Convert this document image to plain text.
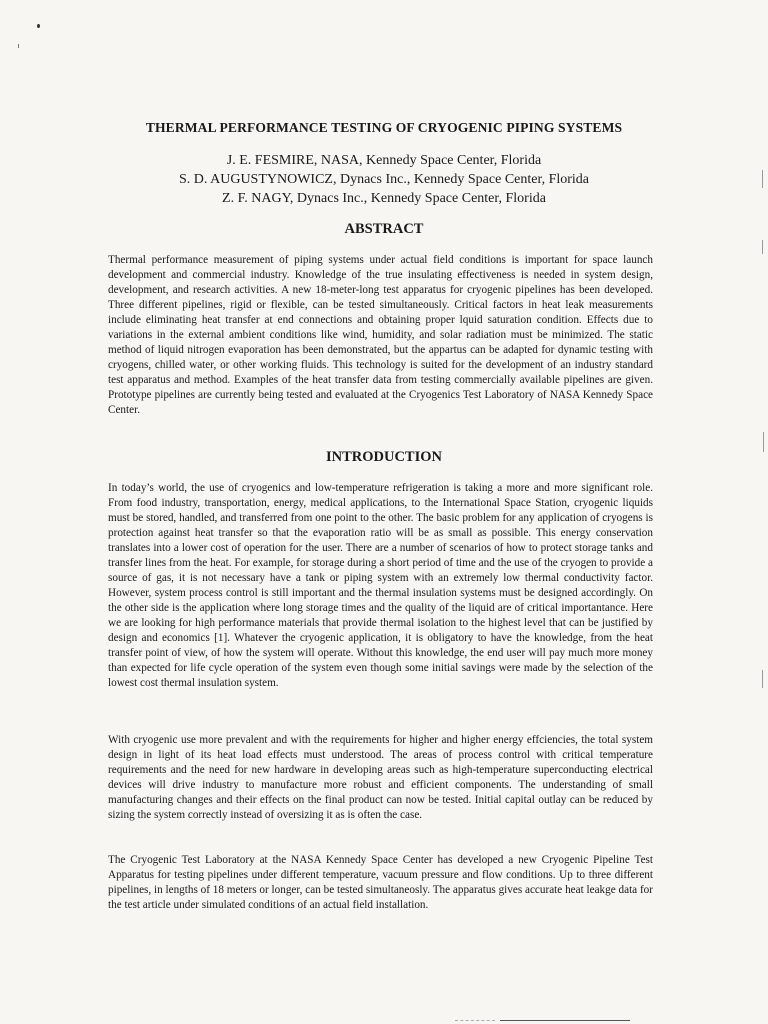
THERMAL PERFORMANCE TESTING OF CRYOGENIC PIPING SYSTEMS
J. E. FESMIRE, NASA, Kennedy Space Center, Florida
S. D. AUGUSTYNOWICZ, Dynacs Inc., Kennedy Space Center, Florida
Z. F. NAGY, Dynacs Inc., Kennedy Space Center, Florida
ABSTRACT

Thermal performance measurement of piping systems under actual field conditions is important for space launch development and commercial industry. Knowledge of the true insulating effectiveness is needed in system design, development, and research activities. A new 18-meter-long test apparatus for cryogenic pipelines has been developed. Three different pipelines, rigid or flexible, can be tested simultaneously. Critical factors in heat leak measurements include eliminating heat transfer at end connections and obtaining proper lquid saturation condition. Effects due to variations in the external ambient conditions like wind, humidity, and solar radiation must be minimized. The static method of liquid nitrogen evaporation has been demonstrated, but the appartus can be adapted for dynamic testing with cryogens, chilled water, or other working fluids. This technology is suited for the development of an industry standard test apparatus and method. Examples of the heat transfer data from testing commercially available pipelines are given. Prototype pipelines are currently being tested and evaluated at the Cryogenics Test Laboratory of NASA Kennedy Space Center.

INTRODUCTION

In today’s world, the use of cryogenics and low-temperature refrigeration is taking a more and more significant role. From food industry, transportation, energy, medical applications, to the International Space Station, cryogenic liquids must be stored, handled, and transferred from one point to the other. The basic problem for any application of cryogens is protection against heat transfer so that the evaporation ratio will be as small as possible. This energy conservation translates into a lower cost of operation for the user. There are a number of scenarios of how to protect storage tanks and transfer lines from the heat. For example, for storage during a short period of time and the use of the cryogen to provide a source of gas, it is not necessary have a tank or piping system with an extremely low thermal conductivity factor. However, system process control is still important and the thermal insulation systems must be designed accordingly. On the other side is the application where long storage times and the quality of the liquid are of critical importantance. Here we are looking for high performance materials that provide thermal isolation to the highest level that can be justified by design and economics [1]. Whatever the cryogenic application, it is obligatory to have the knowledge, from the heat transfer point of view, of how the system will operate. Without this knowledge, the end user will pay much more money than expected for life cycle operation of the system even though some initial savings were made by the selection of the lowest cost thermal insulation system.

With cryogenic use more prevalent and with the requirements for higher and higher energy effciencies, the total system design in light of its heat load effects must understood. The areas of process control with critical temperature requirements and the need for new hardware in developing areas such as high-temperature superconducting electrical devices will drive industry to manufacture more robust and efficient components. The understanding of small manufacturing changes and their effects on the final product can now be tested. Initial capital outlay can be reduced by sizing the system correctly instead of oversizing it as is often the case.

The Cryogenic Test Laboratory at the NASA Kennedy Space Center has developed a new Cryogenic Pipeline Test Apparatus for testing pipelines under different temperature, vacuum pressure and flow conditions. Up to three different pipelines, in lengths of 18 meters or longer, can be tested simultaneosly. The apparatus gives accurate heat leakge data for the test article under simulated conditions of an actual field installation.
